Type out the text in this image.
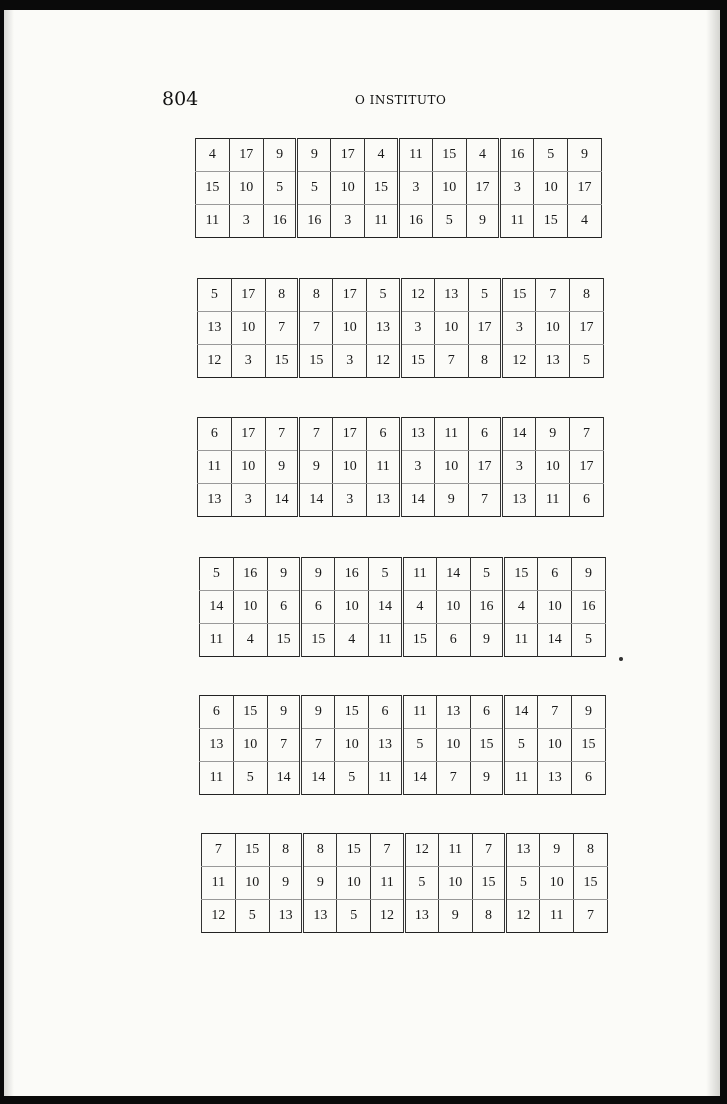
804	O INSTITUTO
4	17	9	9	17	4	11	15	4	16	5	9
15	10	5	5	10	15	3	10	17	3	10	17
11	3	16	16	3	11	16	5	9	11	15	4
5	17	8	8	17	5	12	13	5	15	7	8
13	10	7	7	10	13	3	10	17	3	10	17
12	3	15	15	3	12	15	7	8	12	13	5
6	17	7	7	17	6	13	11	6	14	9	7
11	10	9	9	10	11	3	10	17	3	10	17
13	3	14	14	3	13	14	9	7	13	11	6
5	16	9	9	16	5	11	14	5	15	6	9
14	10	6	6	10	14	4	10	16	4	10	16
11	4	15	15	4	11	15	6	9	11	14	5
6	15	9	9	15	6	11	13	6	14	7	9
13	10	7	7	10	13	5	10	15	5	10	15
11	5	14	14	5	11	14	7	9	11	13	6
7	15	8	8	15	7	12	11	7	13	9	8
11	10	9	9	10	11	5	10	15	5	10	15
12	5	13	13	5	12	13	9	8	12	11	7
